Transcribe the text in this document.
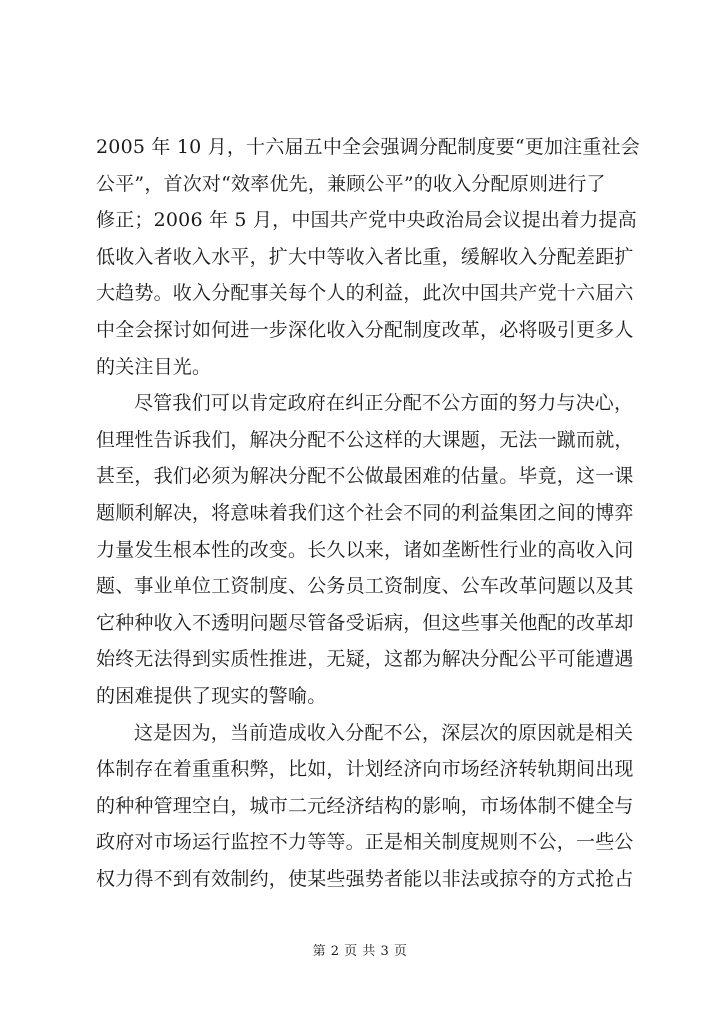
2005 年 10 月，十六届五中全会强调分配制度要“更加注重社会
公平”，首次对“效率优先，兼顾公平”的收入分配原则进行了
修正；2006 年 5 月，中国共产党中央政治局会议提出着力提高
低收入者收入水平，扩大中等收入者比重，缓解收入分配差距扩
大趋势。收入分配事关每个人的利益，此次中国共产党十六届六
中全会探讨如何进一步深化收入分配制度改革，必将吸引更多人
的关注目光。
尽管我们可以肯定政府在纠正分配不公方面的努力与决心，
但理性告诉我们，解决分配不公这样的大课题，无法一蹴而就，
甚至，我们必须为解决分配不公做最困难的估量。毕竟，这一课
题顺利解决，将意味着我们这个社会不同的利益集团之间的博弈
力量发生根本性的改变。长久以来，诸如垄断性行业的高收入问
题、事业单位工资制度、公务员工资制度、公车改革问题以及其
它种种收入不透明问题尽管备受诟病，但这些事关他配的改革却
始终无法得到实质性推进，无疑，这都为解决分配公平可能遭遇
的困难提供了现实的警喻。
这是因为，当前造成收入分配不公，深层次的原因就是相关
体制存在着重重积弊，比如，计划经济向市场经济转轨期间出现
的种种管理空白，城市二元经济结构的影响，市场体制不健全与
政府对市场运行监控不力等等。正是相关制度规则不公，一些公
权力得不到有效制约，使某些强势者能以非法或掠夺的方式抢占
第 2 页 共 3 页
